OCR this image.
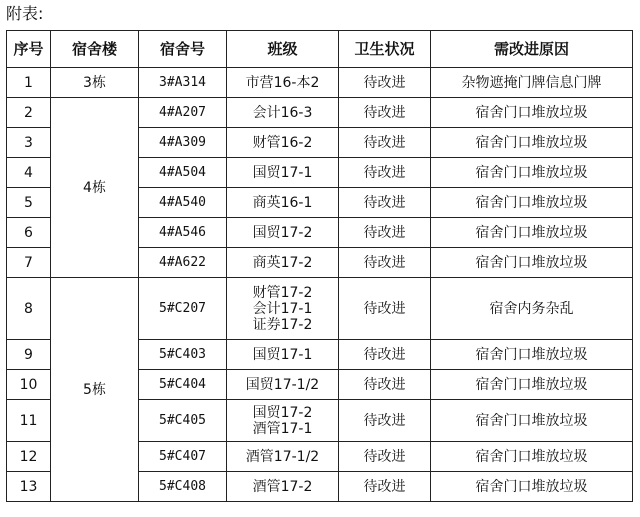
附表:
序号	宿舍楼	宿舍号	班级	卫生状况	需改进原因
1	3栋	3#A314	市营16-本2	待改进	杂物遮掩门牌信息门牌
2	4栋	4#A207	会计16-3	待改进	宿舍门口堆放垃圾
3		4#A309	财管16-2	待改进	宿舍门口堆放垃圾
4		4#A504	国贸17-1	待改进	宿舍门口堆放垃圾
5		4#A540	商英16-1	待改进	宿舍门口堆放垃圾
6		4#A546	国贸17-2	待改进	宿舍门口堆放垃圾
7		4#A622	商英17-2	待改进	宿舍门口堆放垃圾
8	5栋	5#C207	财管17-2
会计17-1
证券17-2	待改进	宿舍内务杂乱
9		5#C403	国贸17-1	待改进	宿舍门口堆放垃圾
10		5#C404	国贸17-1/2	待改进	宿舍门口堆放垃圾
11		5#C405	国贸17-2
酒管17-1	待改进	宿舍门口堆放垃圾
12		5#C407	酒管17-1/2	待改进	宿舍门口堆放垃圾
13		5#C408	酒管17-2	待改进	宿舍门口堆放垃圾
